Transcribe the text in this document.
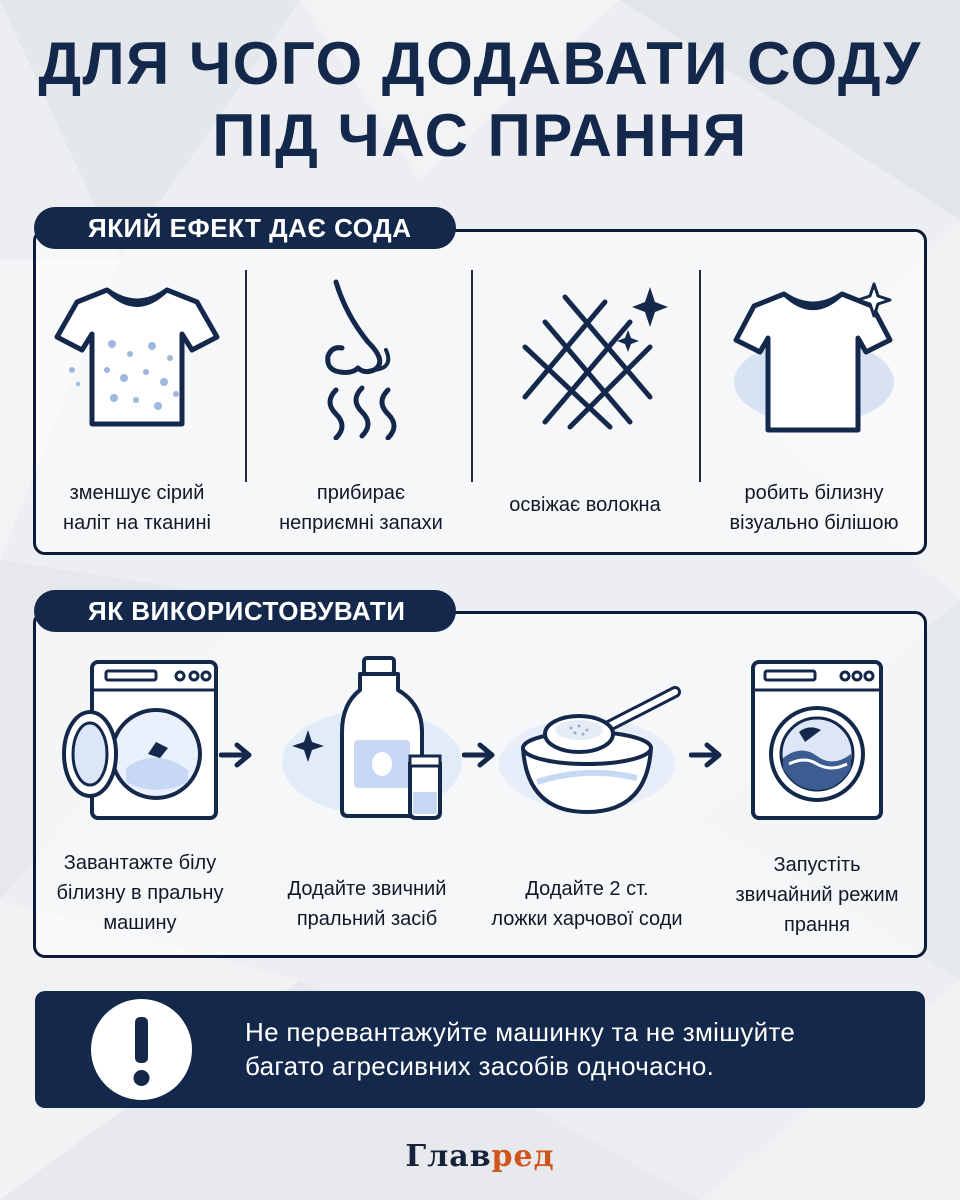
ДЛЯ ЧОГО ДОДАВАТИ СОДУ
ПІД ЧАС ПРАННЯ
ЯКИЙ ЕФЕКТ ДАЄ СОДА
зменшує сірий
наліт на тканині
прибирає
неприємні запахи
освіжає волокна
робить білизну
візуально білішою
ЯК ВИКОРИСТОВУВАТИ
Завантажте білу
білизну в пральну
машину
Додайте звичний
пральний засіб
Додайте 2 ст.
ложки харчової соди
Запустіть
звичайний режим
прання
Не перевантажуйте машинку та не змішуйте
багато агресивних засобів одночасно.
Главред
